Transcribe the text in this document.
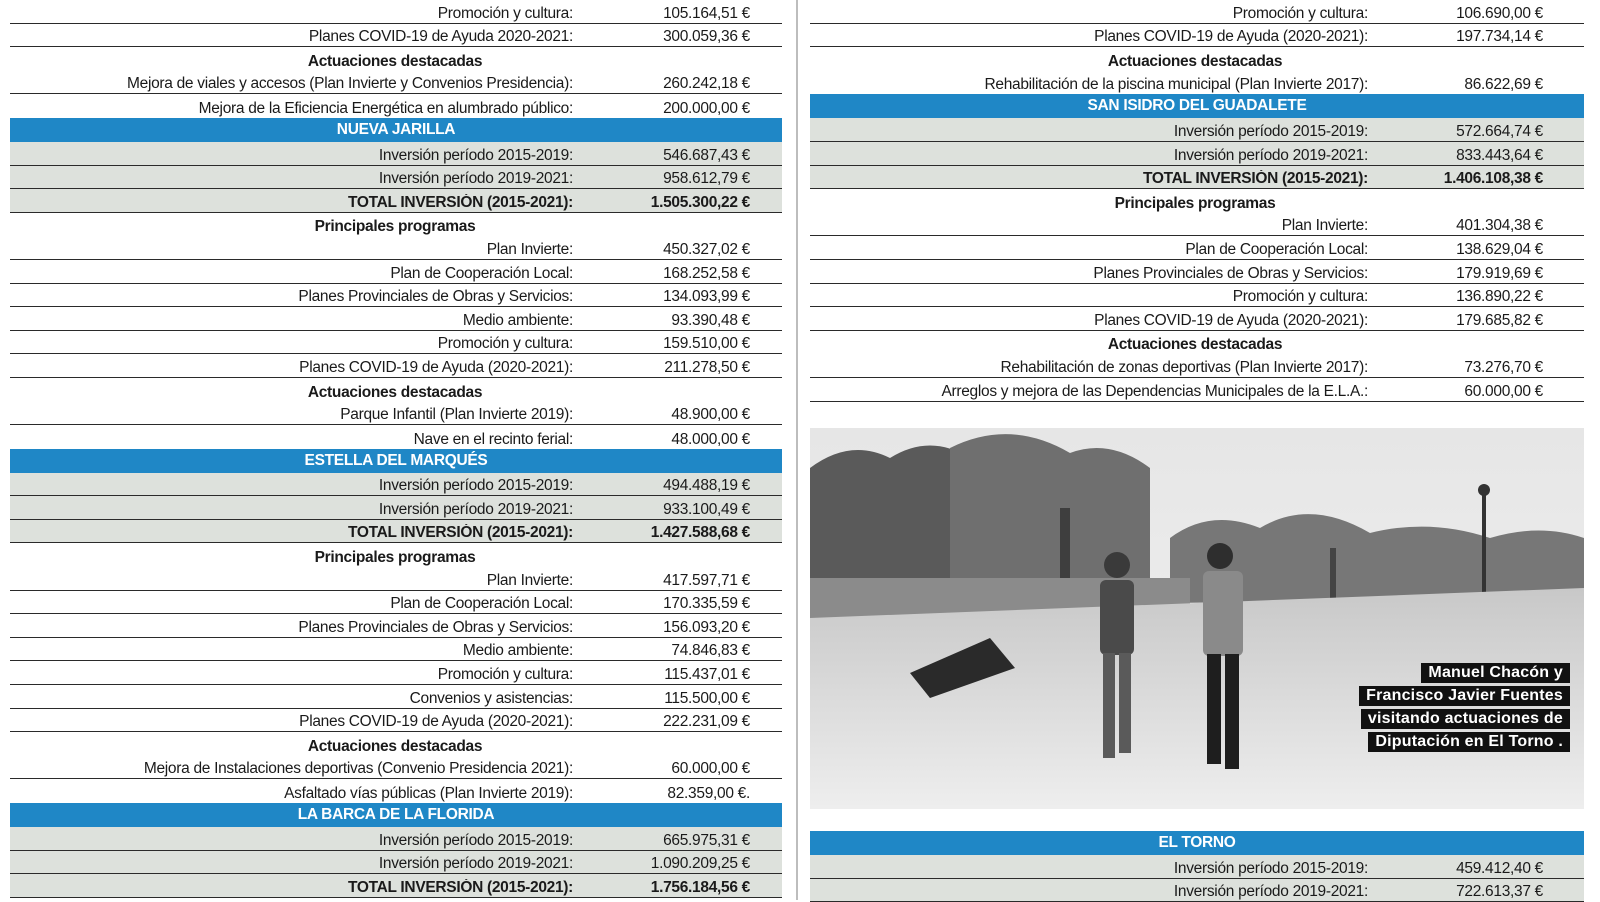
Promoción y cultura:	105.164,51 €
Planes COVID-19 de Ayuda 2020-2021:	300.059,36 €
Actuaciones destacadas
Mejora de viales y accesos (Plan Invierte y Convenios Presidencia):	260.242,18 €
Mejora de la Eficiencia Energética en alumbrado público:	200.000,00 €
NUEVA JARILLA
Inversión período 2015-2019:	546.687,43 €
Inversión período 2019-2021:	958.612,79 €
TOTAL INVERSIÓN (2015-2021):	1.505.300,22 €
Principales programas
Plan Invierte:	450.327,02 €
Plan de Cooperación Local:	168.252,58 €
Planes Provinciales de Obras y Servicios:	134.093,99 €
Medio ambiente:	93.390,48 €
Promoción y cultura:	159.510,00 €
Planes COVID-19 de Ayuda (2020-2021):	211.278,50 €
Actuaciones destacadas
Parque Infantil (Plan Invierte 2019):	48.900,00 €
Nave en el recinto ferial:	48.000,00 €
ESTELLA DEL MARQUÉS
Inversión período 2015-2019:	494.488,19 €
Inversión período 2019-2021:	933.100,49 €
TOTAL INVERSIÓN (2015-2021):	1.427.588,68 €
Principales programas
Plan Invierte:	417.597,71 €
Plan de Cooperación Local:	170.335,59 €
Planes Provinciales de Obras y Servicios:	156.093,20 €
Medio ambiente:	74.846,83 €
Promoción y cultura:	115.437,01 €
Convenios y asistencias:	115.500,00 €
Planes COVID-19 de Ayuda (2020-2021):	222.231,09 €
Actuaciones destacadas
Mejora de Instalaciones deportivas (Convenio Presidencia 2021):	60.000,00 €
Asfaltado vías públicas (Plan Invierte 2019):	82.359,00 €.
LA BARCA DE LA FLORIDA
Inversión período 2015-2019:	665.975,31 €
Inversión período 2019-2021:	1.090.209,25 €
TOTAL INVERSIÓN (2015-2021):	1.756.184,56 €
Promoción y cultura:	106.690,00 €
Planes COVID-19 de Ayuda (2020-2021):	197.734,14 €
Actuaciones destacadas
Rehabilitación de la piscina municipal (Plan Invierte 2017):	86.622,69 €
SAN ISIDRO DEL GUADALETE
Inversión período 2015-2019:	572.664,74 €
Inversión período 2019-2021:	833.443,64 €
TOTAL INVERSIÓN (2015-2021):	1.406.108,38 €
Principales programas
Plan Invierte:	401.304,38 €
Plan de Cooperación Local:	138.629,04 €
Planes Provinciales de Obras y Servicios:	179.919,69 €
Promoción y cultura:	136.890,22 €
Planes COVID-19 de Ayuda (2020-2021):	179.685,82 €
Actuaciones destacadas
Rehabilitación de zonas deportivas (Plan Invierte 2017):	73.276,70 €
Arreglos y mejora de las Dependencias Municipales de la E.L.A.:	60.000,00 €
Manuel Chacón y
Francisco Javier Fuentes
visitando actuaciones de
Diputación en El Torno .
EL TORNO
Inversión período 2015-2019:	459.412,40 €
Inversión período 2019-2021:	722.613,37 €
